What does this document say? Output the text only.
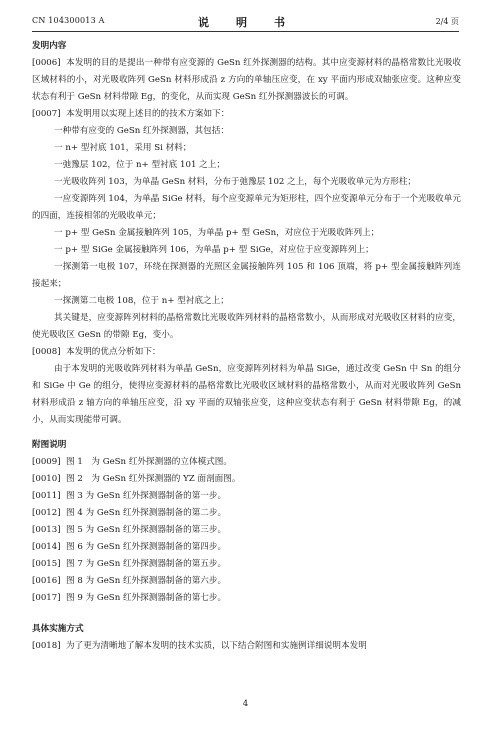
CN 104300013 A	说　明　书	2/4 页

发明内容

[0006] 本发明的目的是提出一种带有应变源的 GeSn 红外探测器的结构。其中应变源材料的晶格常数比光吸收区域材料的小，对光吸收阵列 GeSn 材料形成沿 z 方向的单轴压应变，在 xy 平面内形成双轴张应变。这种应变状态有利于 GeSn 材料带隙 Eg，的变化，从而实现 GeSn 红外探测器波长的可调。

[0007] 本发明用以实现上述目的的技术方案如下：

一种带有应变的 GeSn 红外探测器，其包括：

一 n+ 型衬底 101，采用 Si 材料；

一弛豫层 102，位于 n+ 型衬底 101 之上；

一光吸收阵列 103，为单晶 GeSn 材料，分布于弛豫层 102 之上，每个光吸收单元为方形柱；

一应变源阵列 104，为单晶 SiGe 材料，每个应变源单元为矩形柱，四个应变源单元分布于一个光吸收单元的四面，连接相邻的光吸收单元；

一 p+ 型 GeSn 金属接触阵列 105，为单晶 p+ 型 GeSn，对应位于光吸收阵列上；

一 p+ 型 SiGe 金属接触阵列 106，为单晶 p+ 型 SiGe，对应位于应变源阵列上；

一探测第一电极 107，环绕在探测器的光照区金属接触阵列 105 和 106 顶端，将 p+ 型金属接触阵列连接起来；

一探测第二电极 108，位于 n+ 型衬底之上；

其关键是，应变源阵列材料的晶格常数比光吸收阵列材料的晶格常数小，从而形成对光吸收区材料的应变，使光吸收区 GeSn 的带隙 Eg，变小。

[0008] 本发明的优点分析如下：

由于本发明的光吸收阵列材料为单晶 GeSn，应变源阵列材料为单晶 SiGe，通过改变 GeSn 中 Sn 的组分和 SiGe 中 Ge 的组分，使得应变源材料的晶格常数比光吸收区域材料的晶格常数小，从而对光吸收阵列 GeSn 材料形成沿 z 轴方向的单轴压应变，沿 xy 平面的双轴张应变，这种应变状态有利于 GeSn 材料带隙 Eg，的减小，从而实现能带可调。

附图说明

[0009] 图 1　为 GeSn 红外探测器的立体模式图。

[0010] 图 2　为 GeSn 红外探测器的 YZ 面剖面图。

[0011] 图 3 为 GeSn 红外探测器制备的第一步。

[0012] 图 4 为 GeSn 红外探测器制备的第二步。

[0013] 图 5 为 GeSn 红外探测器制备的第三步。

[0014] 图 6 为 GeSn 红外探测器制备的第四步。

[0015] 图 7 为 GeSn 红外探测器制备的第五步。

[0016] 图 8 为 GeSn 红外探测器制备的第六步。

[0017] 图 9 为 GeSn 红外探测器制备的第七步。

具体实施方式

[0018] 为了更为清晰地了解本发明的技术实质，以下结合附图和实施例详细说明本发明

4
